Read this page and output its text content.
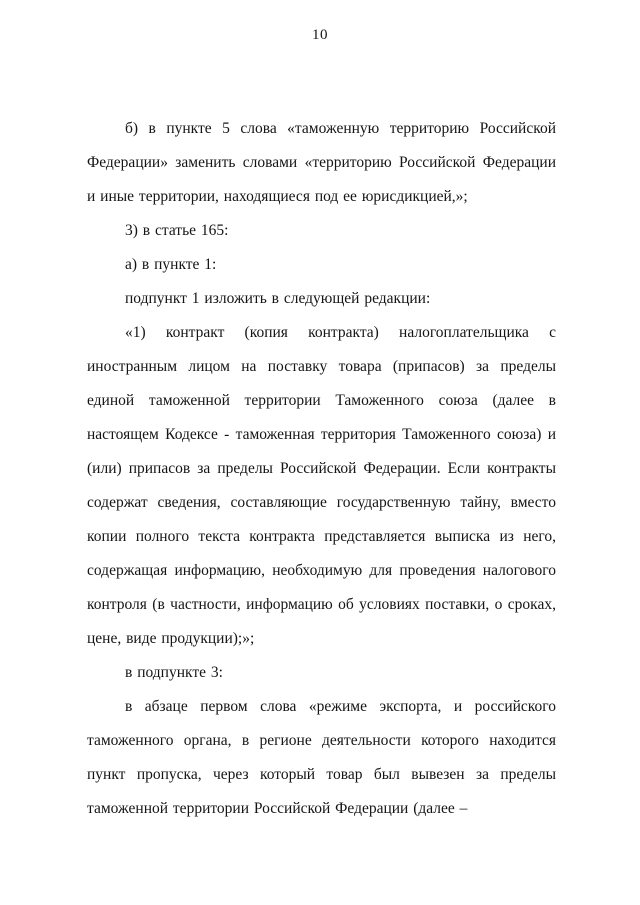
10

б) в пункте 5 слова «таможенную территорию Российской Федерации» заменить словами «территорию Российской Федерации и иные территории, находящиеся под ее юрисдикцией,»;

3) в статье 165:

а) в пункте 1:

подпункт 1 изложить в следующей редакции:

«1) контракт (копия контракта) налогоплательщика с иностранным лицом на поставку товара (припасов) за пределы единой таможенной территории Таможенного союза (далее в настоящем Кодексе - таможенная территория Таможенного союза) и (или) припасов за пределы Российской Федерации. Если контракты содержат сведения, составляющие государственную тайну, вместо копии полного текста контракта представляется выписка из него, содержащая информацию, необходимую для проведения налогового контроля (в частности, информацию об условиях поставки, о сроках, цене, виде продукции);»;

в подпункте 3:

в абзаце первом слова «режиме экспорта, и российского таможенного органа, в регионе деятельности которого находится пункт пропуска, через который товар был вывезен за пределы таможенной территории Российской Федерации (далее –
